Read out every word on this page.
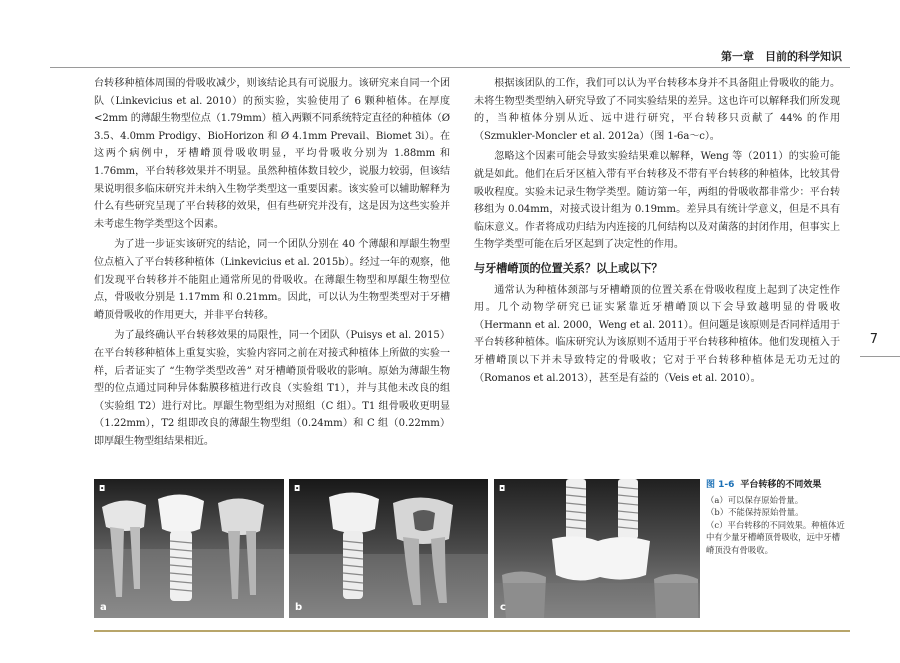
第一章　目前的科学知识
7

台转移种植体周围的骨吸收减少，则该结论具有可说服力。该研究来自同一个团队（Linkevicius et al. 2010）的预实验，实验使用了 6 颗种植体。在厚度<2mm 的薄龈生物型位点（1.79mm）植入两颗不同系统特定直径的种植体（Ø 3.5、4.0mm Prodigy、BioHorizon 和 Ø 4.1mm Prevail、Biomet 3i）。在这两个病例中，牙槽嵴顶骨吸收明显，平均骨吸收分别为 1.88mm 和 1.76mm，平台转移效果并不明显。虽然种植体数目较少，说服力较弱，但该结果说明很多临床研究并未纳入生物学类型这一重要因素。该实验可以辅助解释为什么有些研究呈现了平台转移的效果，但有些研究并没有，这是因为这些实验并未考虑生物学类型这个因素。

为了进一步证实该研究的结论，同一个团队分别在 40 个薄龈和厚龈生物型位点植入了平台转移种植体（Linkevicius et al. 2015b）。经过一年的观察，他们发现平台转移并不能阻止通常所见的骨吸收。在薄龈生物型和厚龈生物型位点，骨吸收分别是 1.17mm 和 0.21mm。因此，可以认为生物型类型对于牙槽嵴顶骨吸收的作用更大，并非平台转移。

为了最终确认平台转移效果的局限性，同一个团队（Puisys et al. 2015）在平台转移种植体上重复实验，实验内容同之前在对接式种植体上所做的实验一样，后者证实了 “生物学类型改善” 对牙槽嵴顶骨吸收的影响。原始为薄龈生物型的位点通过同种异体黏膜移植进行改良（实验组 T1），并与其他未改良的组（实验组 T2）进行对比。厚龈生物型组为对照组（C 组）。T1 组骨吸收更明显（1.22mm），T2 组即改良的薄龈生物型组（0.24mm）和 C 组（0.22mm）即厚龈生物型组结果相近。

根据该团队的工作，我们可以认为平台转移本身并不具备阻止骨吸收的能力。未将生物型类型纳入研究导致了不同实验结果的差异。这也许可以解释我们所发现的，当种植体分别从近、远中进行研究，平台转移只贡献了 44% 的作用（Szmukler-Moncler et al. 2012a）（图 1-6a～c）。

忽略这个因素可能会导致实验结果难以解释，Weng 等（2011）的实验可能就是如此。他们在后牙区植入带有平台转移及不带有平台转移的种植体，比较其骨吸收程度。实验未记录生物学类型。随访第一年，两组的骨吸收都非常少：平台转移组为 0.04mm，对接式设计组为 0.19mm。差异具有统计学意义，但是不具有临床意义。作者将成功归结为内连接的几何结构以及对菌落的封闭作用，但事实上生物学类型可能在后牙区起到了决定性的作用。

与牙槽嵴顶的位置关系？以上或以下？

通常认为种植体颈部与牙槽嵴顶的位置关系在骨吸收程度上起到了决定性作用。几个动物学研究已证实紧靠近牙槽嵴顶以下会导致越明显的骨吸收（Hermann et al. 2000，Weng et al. 2011）。但问题是该原则是否同样适用于平台转移种植体。临床研究认为该原则不适用于平台转移种植体。他们发现植入于牙槽嵴顶以下并未导致特定的骨吸收；它对于平台转移种植体是无功无过的（Romanos et al.2013），甚至是有益的（Veis et al. 2010）。

◘
a
◘
b
◘
c
图 1-6 平台转移的不同效果

（a）可以保存原始骨量。

（b）不能保持原始骨量。

（c）平台转移的不同效果。种植体近中有少量牙槽嵴顶骨吸收，远中牙槽嵴顶没有骨吸收。
